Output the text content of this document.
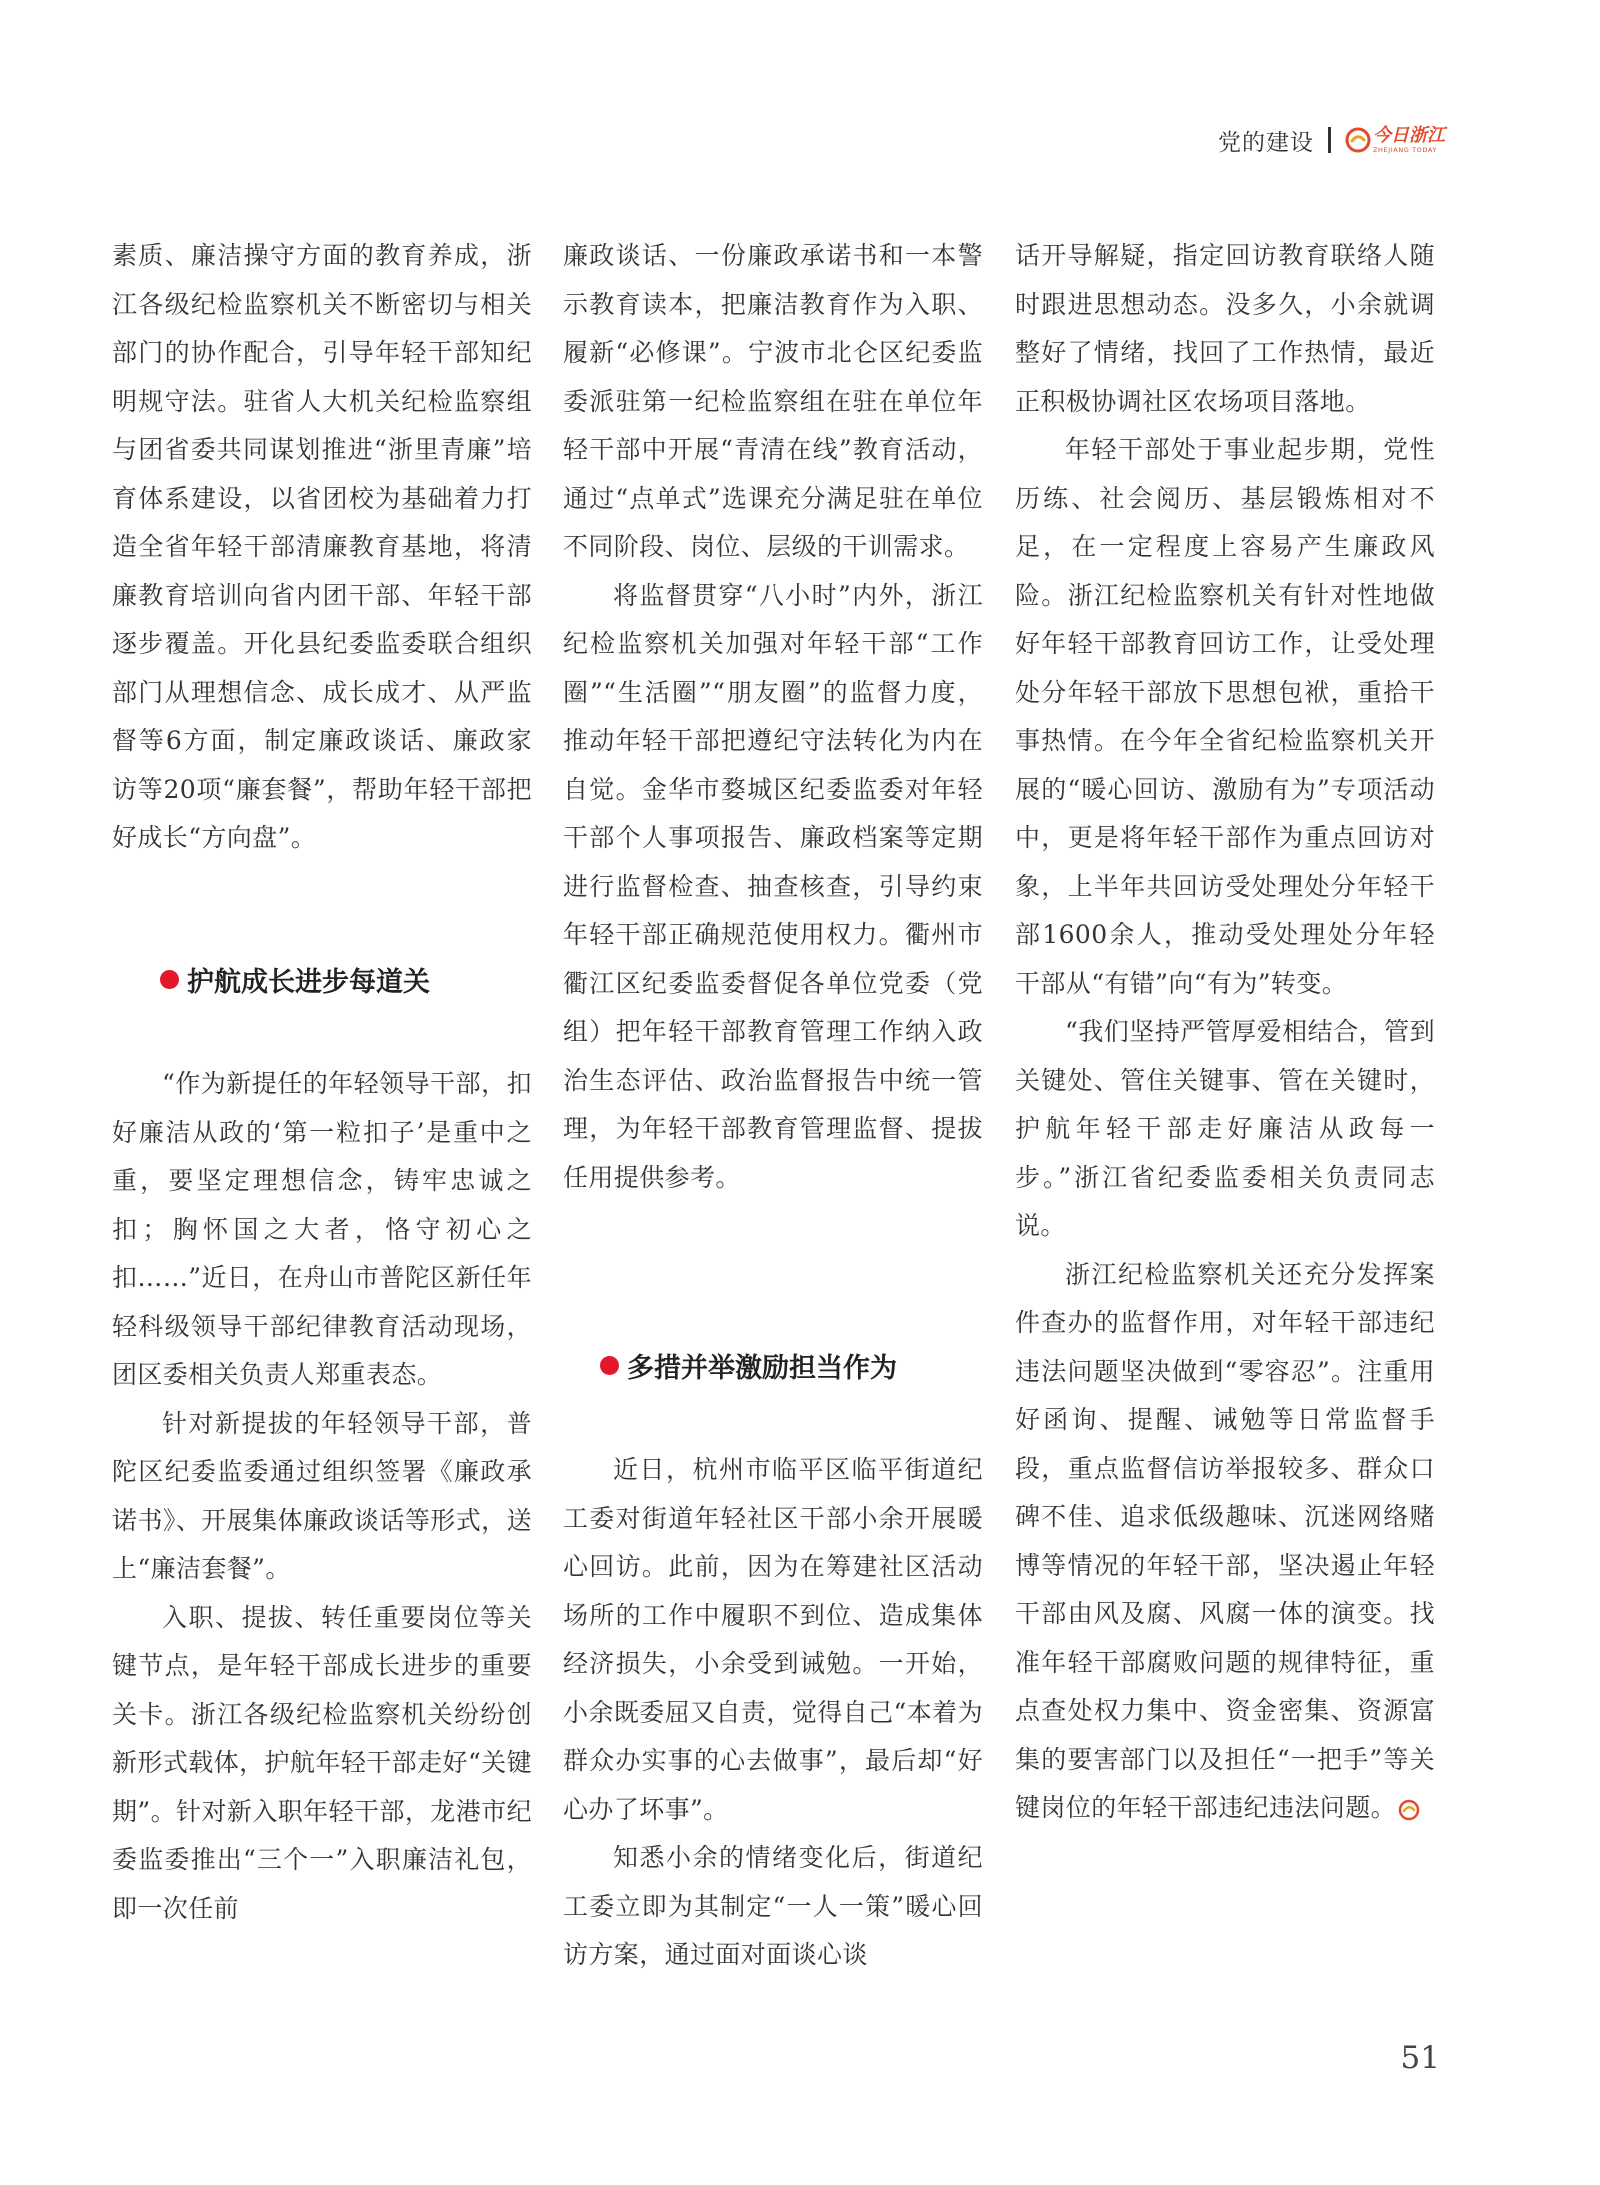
党的建设	今日浙江
ZHEJIANG TODAY

素质、廉洁操守方面的教育养成，浙江各级纪检监察机关不断密切与相关部门的协作配合，引导年轻干部知纪明规守法。驻省人大机关纪检监察组与团省委共同谋划推进“浙里青廉”培育体系建设，以省团校为基础着力打造全省年轻干部清廉教育基地，将清廉教育培训向省内团干部、年轻干部逐步覆盖。开化县纪委监委联合组织部门从理想信念、成长成才、从严监督等6方面，制定廉政谈话、廉政家访等20项“廉套餐”，帮助年轻干部把好成长“方向盘”。

护航成长进步每道关

“作为新提任的年轻领导干部，扣好廉洁从政的‘第一粒扣子’是重中之重，要坚定理想信念，铸牢忠诚之扣；胸怀国之大者，恪守初心之扣……”近日，在舟山市普陀区新任年轻科级领导干部纪律教育活动现场，团区委相关负责人郑重表态。

针对新提拔的年轻领导干部，普陀区纪委监委通过组织签署《廉政承诺书》、开展集体廉政谈话等形式，送上“廉洁套餐”。

入职、提拔、转任重要岗位等关键节点，是年轻干部成长进步的重要关卡。浙江各级纪检监察机关纷纷创新形式载体，护航年轻干部走好“关键期”。针对新入职年轻干部，龙港市纪委监委推出“三个一”入职廉洁礼包，即一次任前

廉政谈话、一份廉政承诺书和一本警示教育读本，把廉洁教育作为入职、履新“必修课”。宁波市北仑区纪委监委派驻第一纪检监察组在驻在单位年轻干部中开展“青清在线”教育活动，通过“点单式”选课充分满足驻在单位不同阶段、岗位、层级的干训需求。

将监督贯穿“八小时”内外，浙江纪检监察机关加强对年轻干部“工作圈”“生活圈”“朋友圈”的监督力度，推动年轻干部把遵纪守法转化为内在自觉。金华市婺城区纪委监委对年轻干部个人事项报告、廉政档案等定期进行监督检查、抽查核查，引导约束年轻干部正确规范使用权力。衢州市衢江区纪委监委督促各单位党委（党组）把年轻干部教育管理工作纳入政治生态评估、政治监督报告中统一管理，为年轻干部教育管理监督、提拔任用提供参考。

多措并举激励担当作为

近日，杭州市临平区临平街道纪工委对街道年轻社区干部小余开展暖心回访。此前，因为在筹建社区活动场所的工作中履职不到位、造成集体经济损失，小余受到诫勉。一开始，小余既委屈又自责，觉得自己“本着为群众办实事的心去做事”，最后却“好心办了坏事”。

知悉小余的情绪变化后，街道纪工委立即为其制定“一人一策”暖心回访方案，通过面对面谈心谈

话开导解疑，指定回访教育联络人随时跟进思想动态。没多久，小余就调整好了情绪，找回了工作热情，最近正积极协调社区农场项目落地。

年轻干部处于事业起步期，党性历练、社会阅历、基层锻炼相对不足，在一定程度上容易产生廉政风险。浙江纪检监察机关有针对性地做好年轻干部教育回访工作，让受处理处分年轻干部放下思想包袱，重拾干事热情。在今年全省纪检监察机关开展的“暖心回访、激励有为”专项活动中，更是将年轻干部作为重点回访对象，上半年共回访受处理处分年轻干部1600余人，推动受处理处分年轻干部从“有错”向“有为”转变。

“我们坚持严管厚爱相结合，管到关键处、管住关键事、管在关键时，护航年轻干部走好廉洁从政每一步。”浙江省纪委监委相关负责同志说。

浙江纪检监察机关还充分发挥案件查办的监督作用，对年轻干部违纪违法问题坚决做到“零容忍”。注重用好函询、提醒、诫勉等日常监督手段，重点监督信访举报较多、群众口碑不佳、追求低级趣味、沉迷网络赌博等情况的年轻干部，坚决遏止年轻干部由风及腐、风腐一体的演变。找准年轻干部腐败问题的规律特征，重点查处权力集中、资金密集、资源富集的要害部门以及担任“一把手”等关键岗位的年轻干部违纪违法问题。

51
